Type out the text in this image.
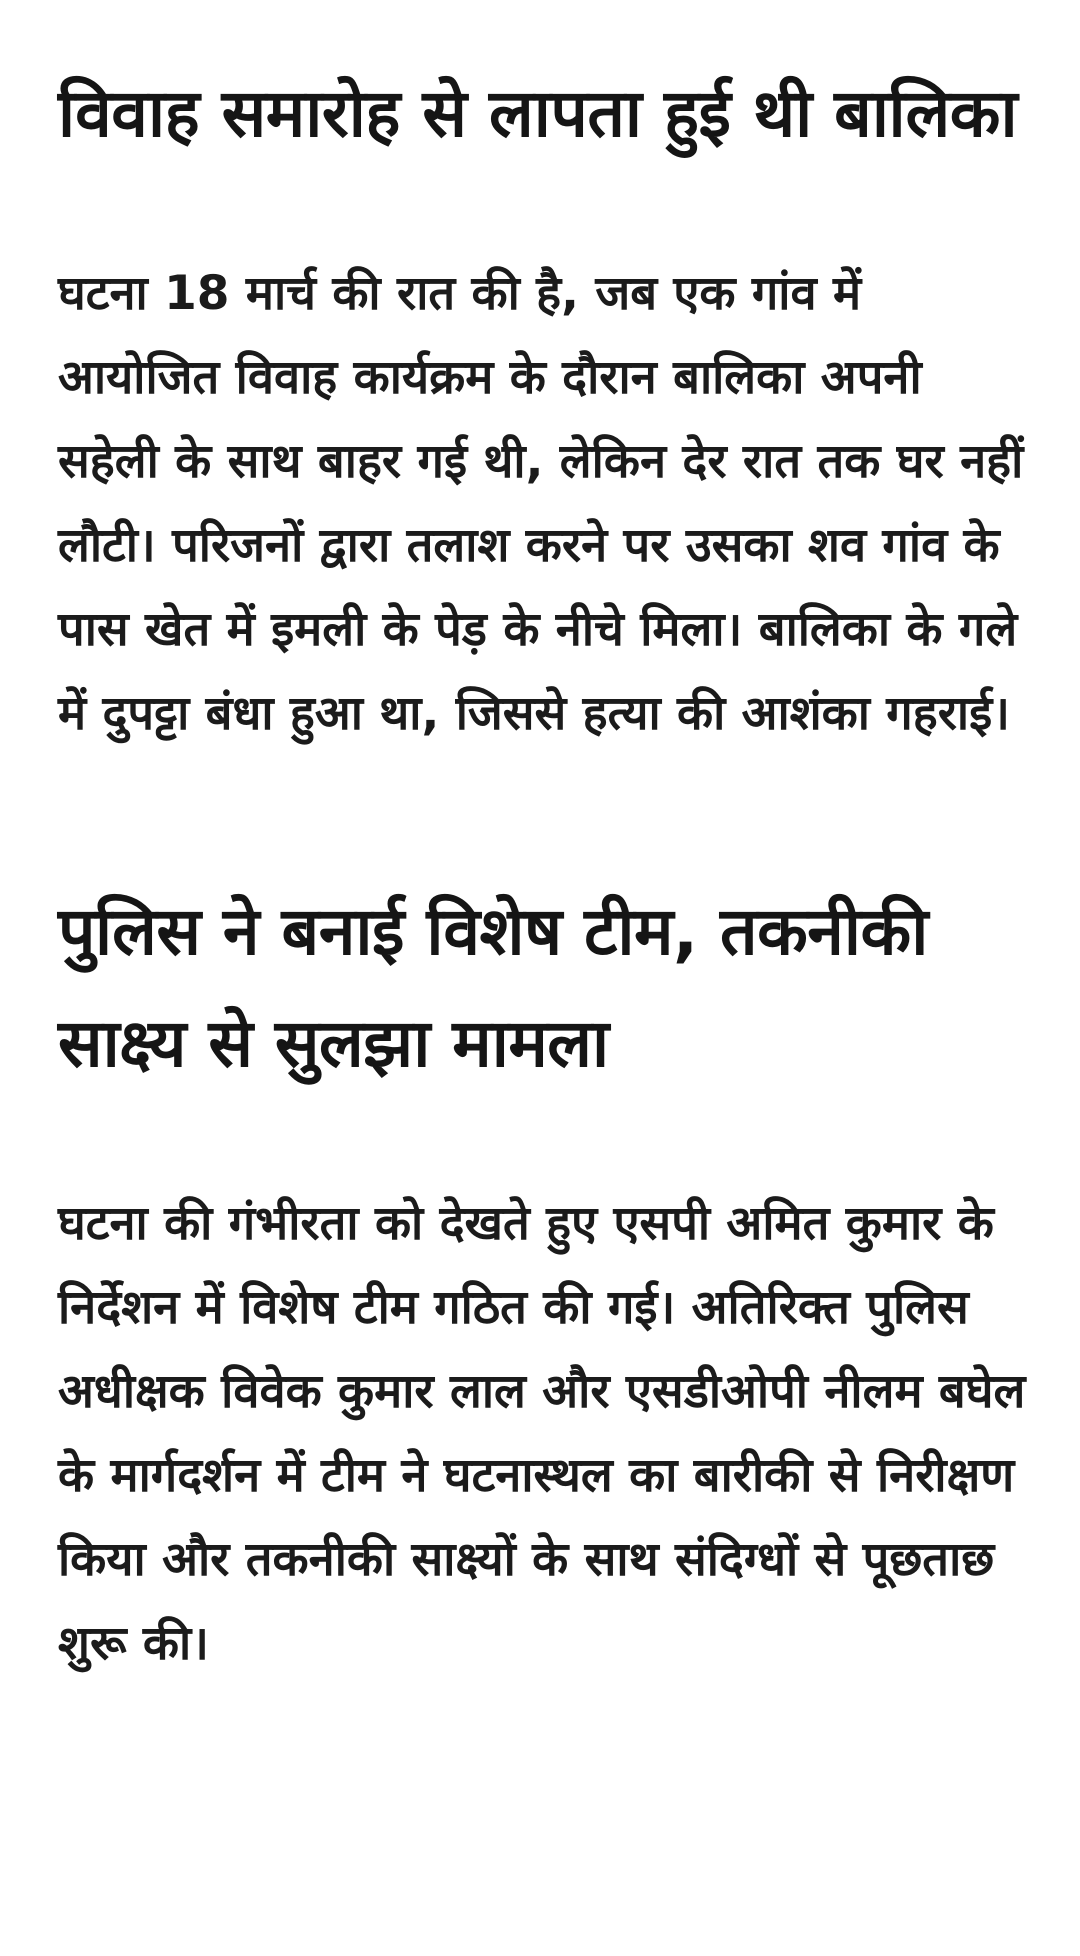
विवाह समारोह से लापता हुई थी बालिका

घटना 18 मार्च की रात की है, जब एक गांव में आयोजित विवाह कार्यक्रम के दौरान बालिका अपनी सहेली के साथ बाहर गई थी, लेकिन देर रात तक घर नहीं लौटी। परिजनों द्वारा तलाश करने पर उसका शव गांव के पास खेत में इमली के पेड़ के नीचे मिला। बालिका के गले में दुपट्टा बंधा हुआ था, जिससे हत्या की आशंका गहराई।

पुलिस ने बनाई विशेष टीम, तकनीकी साक्ष्य से सुलझा मामला

घटना की गंभीरता को देखते हुए एसपी अमित कुमार के निर्देशन में विशेष टीम गठित की गई। अतिरिक्त पुलिस अधीक्षक विवेक कुमार लाल और एसडीओपी नीलम बघेल के मार्गदर्शन में टीम ने घटनास्थल का बारीकी से निरीक्षण किया और तकनीकी साक्ष्यों के साथ संदिग्धों से पूछताछ शुरू की।
